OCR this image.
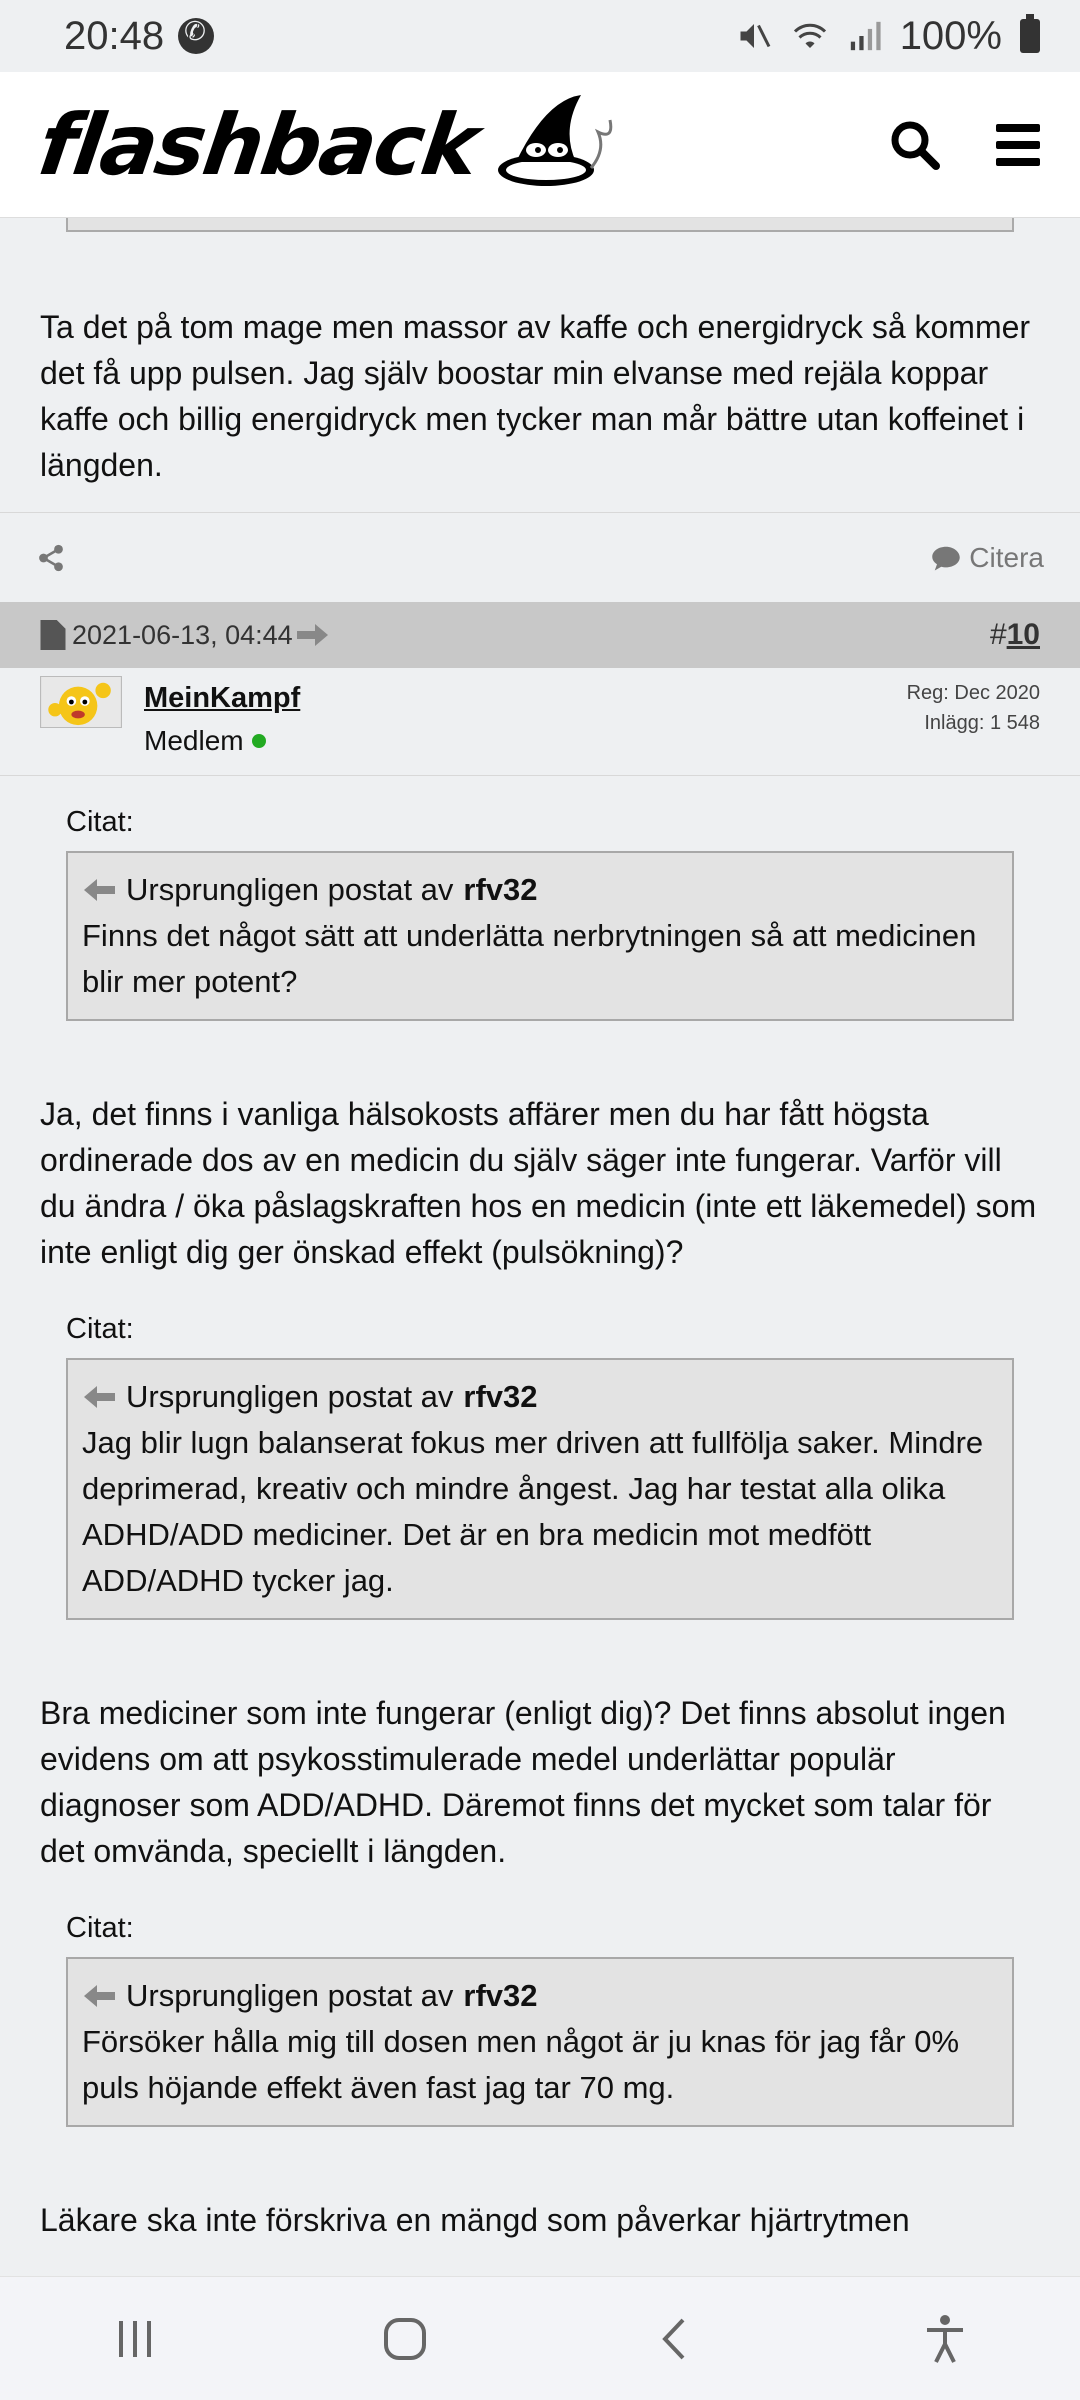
20:48
✆	100%
flashback

Ta det på tom mage men massor av kaffe och energidryck så kommer det få upp pulsen. Jag själv boostar min elvanse med rejäla koppar kaffe och billig energidryck men tycker man mår bättre utan koffeinet i längden.

Citera
2021-06-13, 04:44	#10
MeinKampf
Medlem
Reg: Dec 2020
Inlägg: 1 548
Citat:
Ursprungligen postat av rfv32
Finns det något sätt att underlätta nerbrytningen så att medicinen blir mer potent?

Ja, det finns i vanliga hälsokosts affärer men du har fått högsta ordinerade dos av en medicin du själv säger inte fungerar. Varför vill du ändra / öka påslagskraften hos en medicin (inte ett läkemedel) som inte enligt dig ger önskad effekt (pulsökning)?

Citat:
Ursprungligen postat av rfv32
Jag blir lugn balanserat fokus mer driven att fullfölja saker. Mindre deprimerad, kreativ och mindre ångest. Jag har testat alla olika ADHD/ADD mediciner. Det är en bra medicin mot medfött ADD/ADHD tycker jag.

Bra mediciner som inte fungerar (enligt dig)? Det finns absolut ingen evidens om att psykosstimulerade medel underlättar populär diagnoser som ADD/ADHD. Däremot finns det mycket som talar för det omvända, speciellt i längden.

Citat:
Ursprungligen postat av rfv32
Försöker hålla mig till dosen men något är ju knas för jag får 0% puls höjande effekt även fast jag tar 70 mg.

Läkare ska inte förskriva en mängd som påverkar hjärtrytmen
